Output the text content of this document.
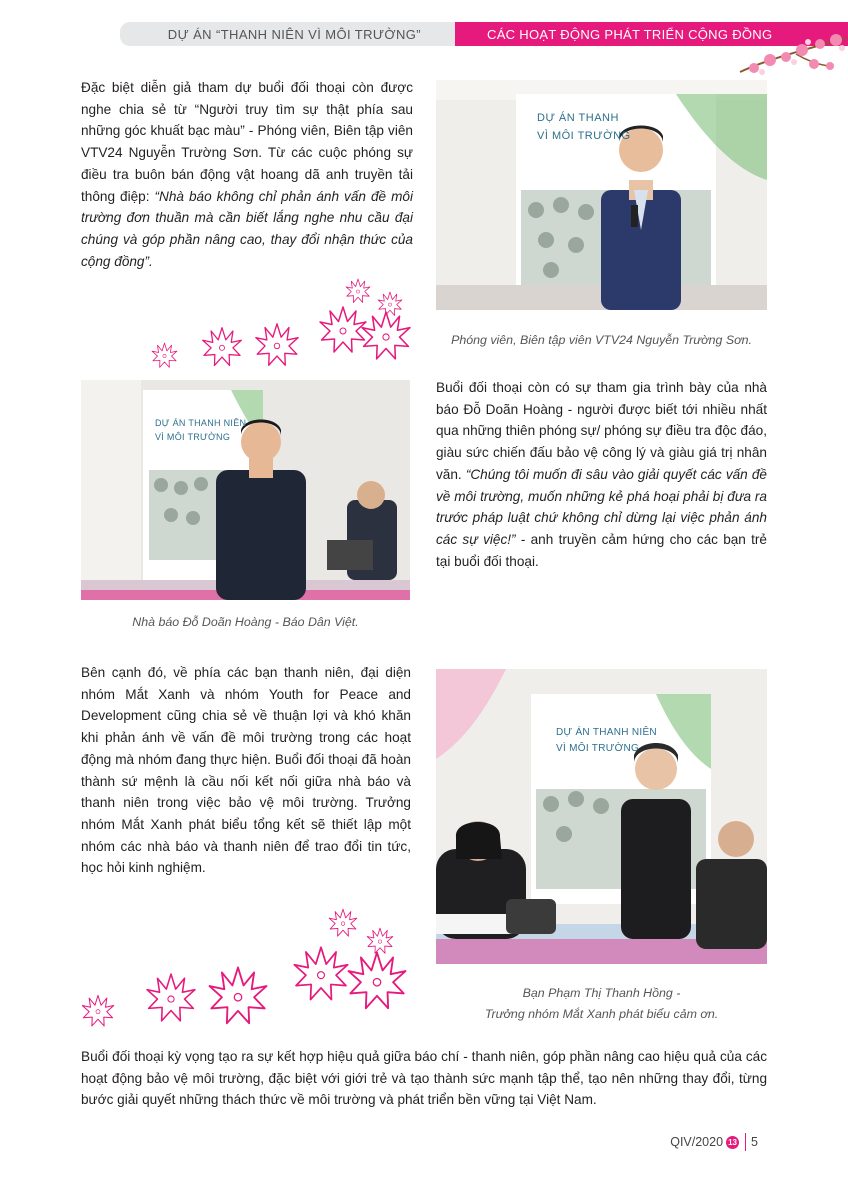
DỰ ÁN “THANH NIÊN VÌ MÔI TRƯỜNG”	CÁC HOẠT ĐỘNG PHÁT TRIỂN CỘNG ĐỒNG

Đặc biệt diễn giả tham dự buổi đối thoại còn được nghe chia sẻ từ “Người truy tìm sự thật phía sau những góc khuất bạc màu” - Phóng viên, Biên tập viên VTV24 Nguyễn Trường Sơn. Từ các cuộc phóng sự điều tra buôn bán động vật hoang dã anh truyền tải thông điệp: “Nhà báo không chỉ phản ánh vấn đề môi trường đơn thuần mà cần biết lắng nghe nhu cầu đại chúng và góp phần nâng cao, thay đổi nhận thức của cộng đồng”.

DỰ ÁN THANH
VÌ MÔI TRƯỜNG
Phóng viên, Biên tập viên VTV24 Nguyễn Trường Sơn.
DỰ ÁN THANH NIÊN
VÌ MÔI TRƯỜNG
Nhà báo Đỗ Doãn Hoàng - Báo Dân Việt.

Buổi đối thoại còn có sự tham gia trình bày của nhà báo Đỗ Doãn Hoàng - người được biết tới nhiều nhất qua những thiên phóng sự/ phóng sự điều tra độc đáo, giàu sức chiến đấu bảo vệ công lý và giàu giá trị nhân văn. “Chúng tôi muốn đi sâu vào giải quyết các vấn đề về môi trường, muốn những kẻ phá hoại phải bị đưa ra trước pháp luật chứ không chỉ dừng lại việc phản ánh các sự việc!” - anh truyền cảm hứng cho các bạn trẻ tại buổi đối thoại.

Bên cạnh đó, về phía các bạn thanh niên, đại diện nhóm Mắt Xanh và nhóm Youth for Peace and Development cũng chia sẻ về thuận lợi và khó khăn khi phản ánh về vấn đề môi trường trong các hoạt động mà nhóm đang thực hiện. Buổi đối thoại đã hoàn thành sứ mệnh là cầu nối kết nối giữa nhà báo và thanh niên trong việc bảo vệ môi trường. Trưởng nhóm Mắt Xanh phát biểu tổng kết sẽ thiết lập một nhóm các nhà báo và thanh niên để trao đổi tin tức, học hỏi kinh nghiệm.

DỰ ÁN THANH NIÊN
VÌ MÔI TRƯỜNG
Bạn Phạm Thị Thanh Hồng -
Trưởng nhóm Mắt Xanh phát biểu cảm ơn.

Buổi đối thoại kỳ vọng tạo ra sự kết hợp hiệu quả giữa báo chí - thanh niên, góp phần nâng cao hiệu quả của các hoạt động bảo vệ môi trường, đặc biệt với giới trẻ và tạo thành sức mạnh tập thể, tạo nên những thay đổi, từng bước giải quyết những thách thức về môi trường và phát triển bền vững tại Việt Nam.

QIV/2020 13 5
